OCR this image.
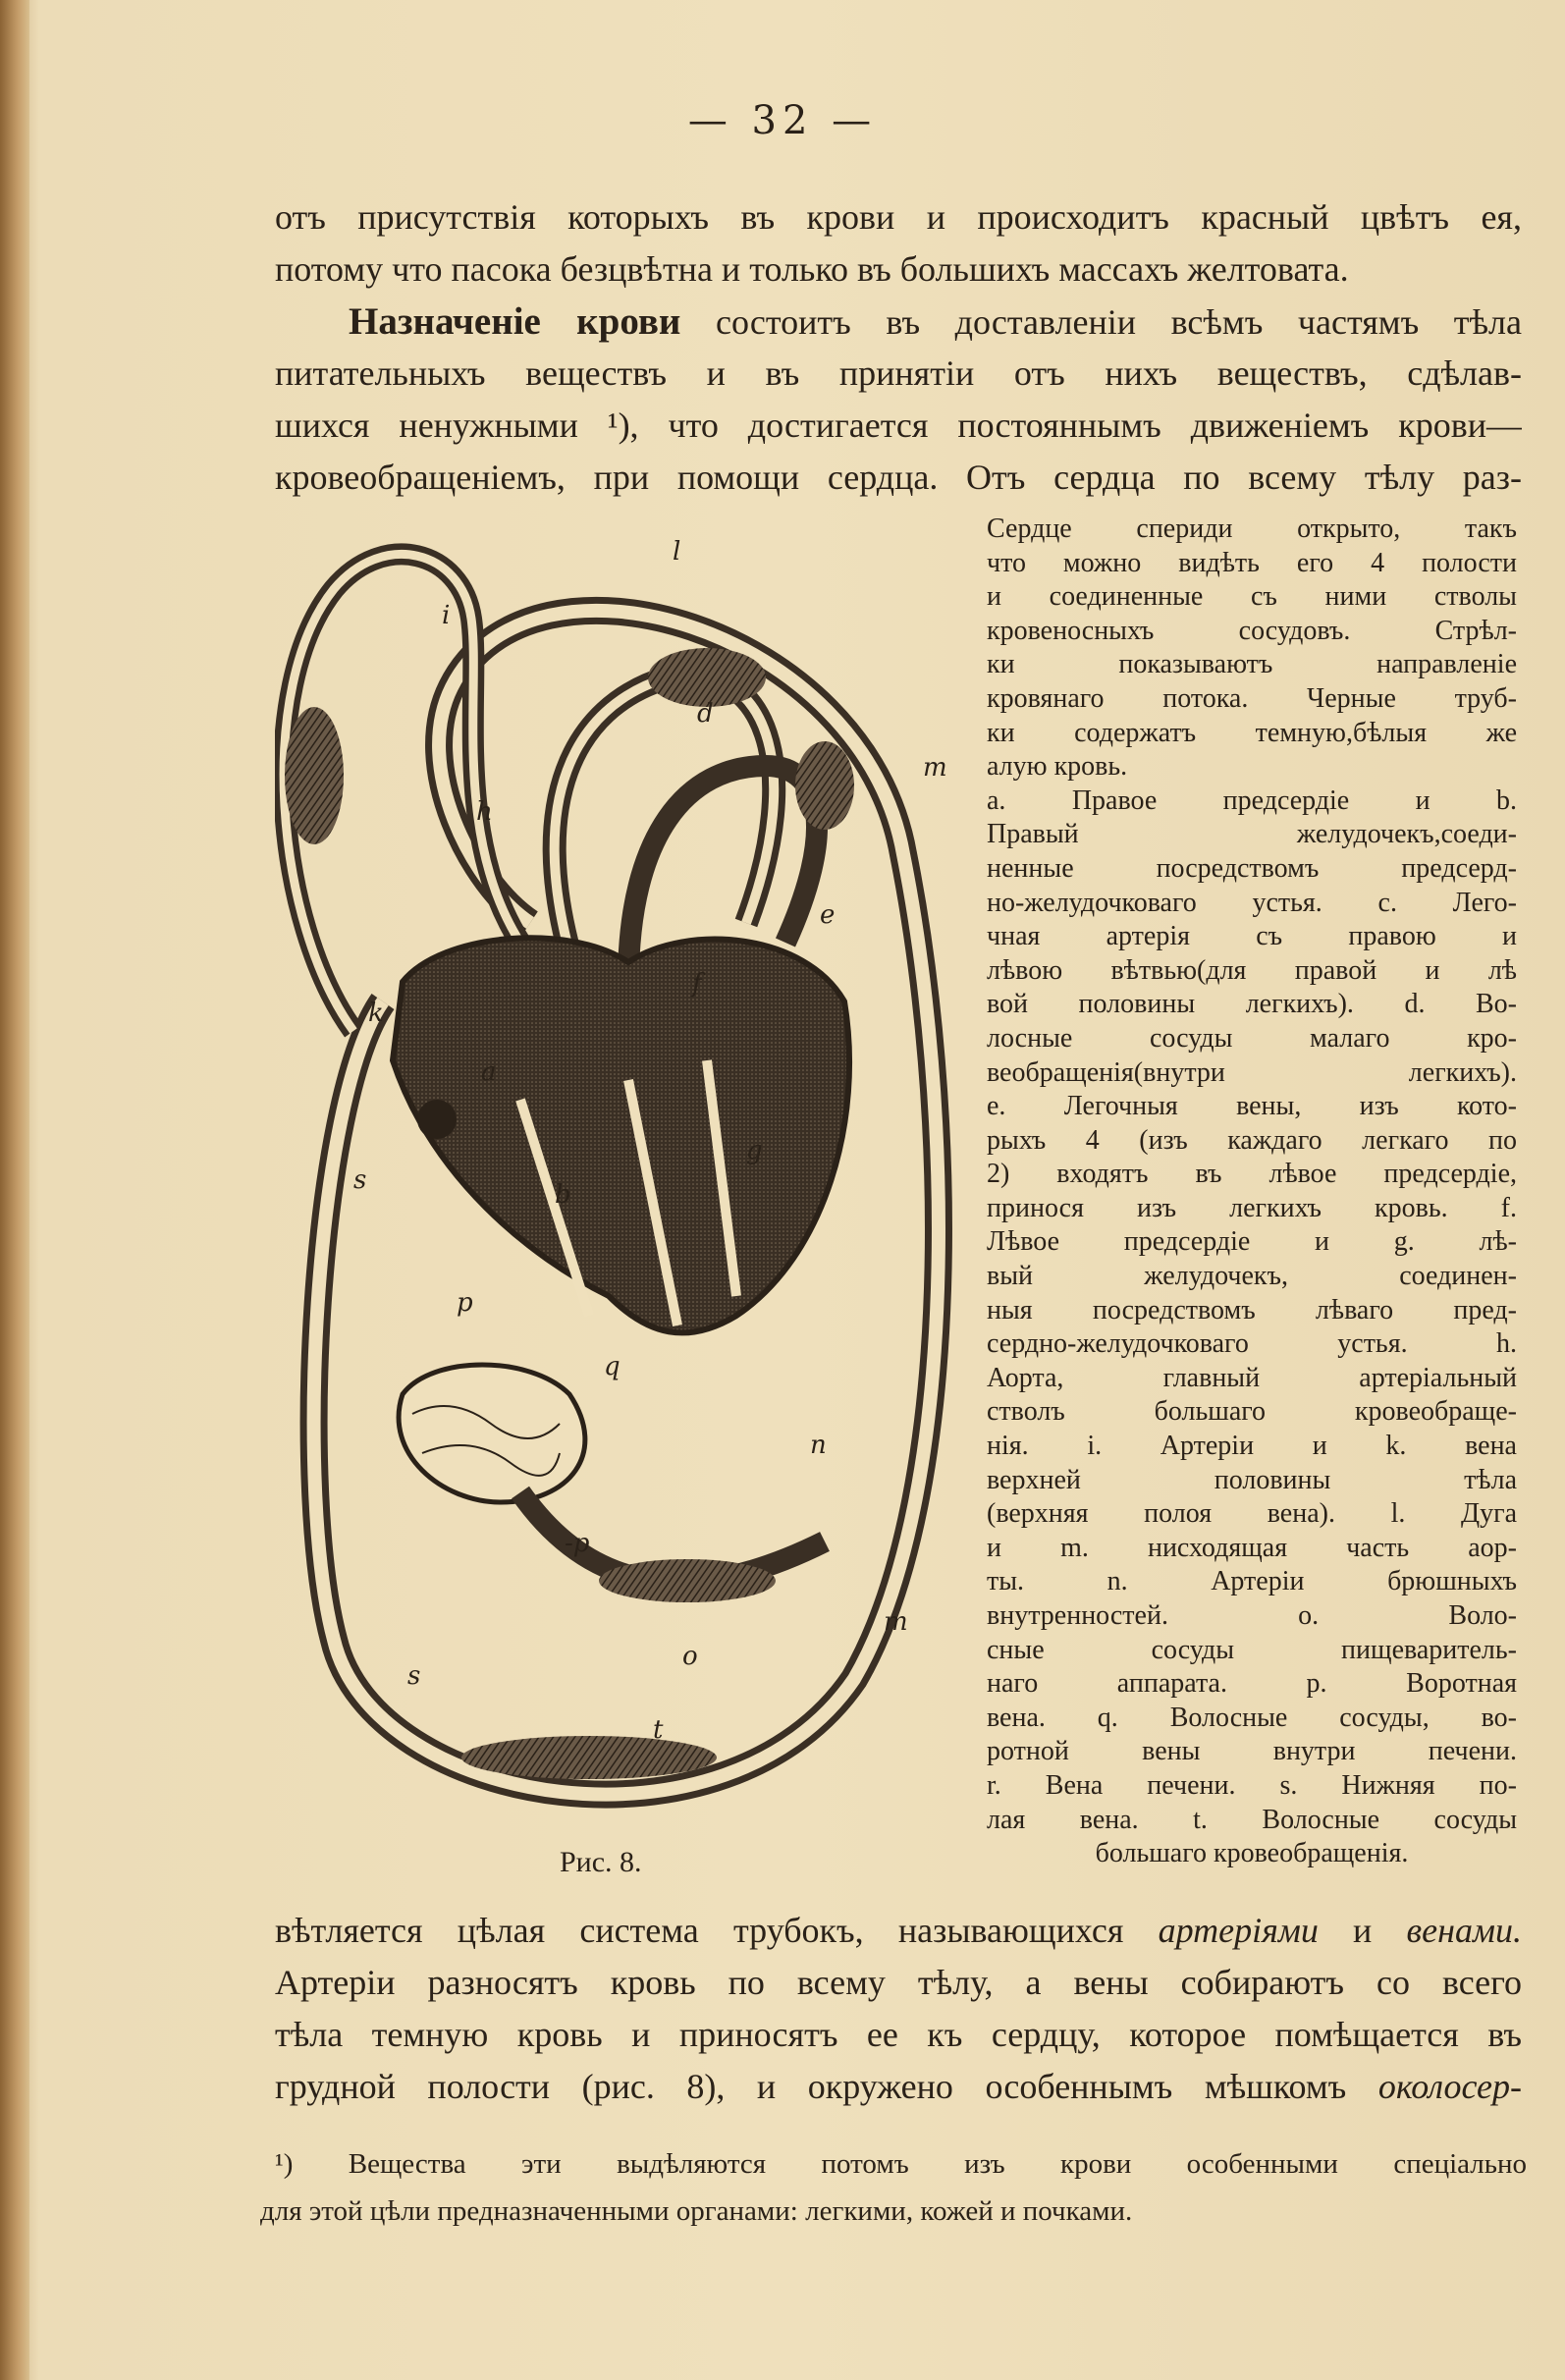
— 32 —
отъ присутствія которыхъ въ крови и происходитъ красный цвѣтъ ея,
потому что пасока безцвѣтна и только въ большихъ массахъ желтовата.
Назначеніе крови состоитъ въ доставленіи всѣмъ частямъ тѣла
питательныхъ веществъ и въ принятіи отъ нихъ веществъ, сдѣлав-
шихся ненужными ¹), что достигается постояннымъ движеніемъ крови—
кровеобращеніемъ, при помощи сердца. Отъ сердца по всему тѣлу раз-
l
i
d
h
m
e
k
f
a
b
g
s
p
q
n
-p
o
m
s
t
Рис. 8.
Сердце спериди открыто, такъ
что можно видѣть его 4 полости
и соединенные съ ними стволы
кровеносныхъ сосудовъ. Стрѣл-
ки показываютъ направленіе
кровянаго потока. Черные труб-
ки содержатъ темную,бѣлыя же
алую кровь.
a. Правое предсердіе и b.
Правый желудочекъ,соеди-
ненные посредствомъ предсерд-
но-желудочковаго устья. c. Лего-
чная артерія съ правою и
лѣвою вѣтвью(для правой и лѣ
вой половины легкихъ). d. Во-
лосные сосуды малаго кро-
веобращенія(внутри легкихъ).
e. Легочныя вены, изъ кото-
рыхъ 4 (изъ каждаго легкаго по
2) входятъ въ лѣвое предсердіе,
принося изъ легкихъ кровь. f.
Лѣвое предсердіе и g. лѣ-
вый желудочекъ, соединен-
ныя посредствомъ лѣваго пред-
сердно-желудочковаго устья. h.
Аорта, главный артеріальный
стволъ большаго кровеобраще-
нія. i. Артеріи и k. вена
верхней половины тѣла
(верхняя полоя вена). l. Дуга
и m. нисходящая часть аор-
ты. n. Артеріи брюшныхъ
внутренностей. o. Воло-
сные сосуды пищеваритель-
наго аппарата. p. Воротная
вена. q. Волосные сосуды, во-
ротной вены внутри печени.
r. Вена печени. s. Нижняя по-
лая вена. t. Волосные сосуды
большаго кровеобращенія.
вѣтляется цѣлая система трубокъ, называющихся артеріями и венами.
Артеріи разносятъ кровь по всему тѣлу, а вены собираютъ со всего
тѣла темную кровь и приносятъ ее къ сердцу, которое помѣщается въ
грудной полости (рис. 8), и окружено особеннымъ мѣшкомъ околосер-
¹) Вещества эти выдѣляются потомъ изъ крови особенными спеціально
для этой цѣли предназначенными органами: легкими, кожей и почками.
